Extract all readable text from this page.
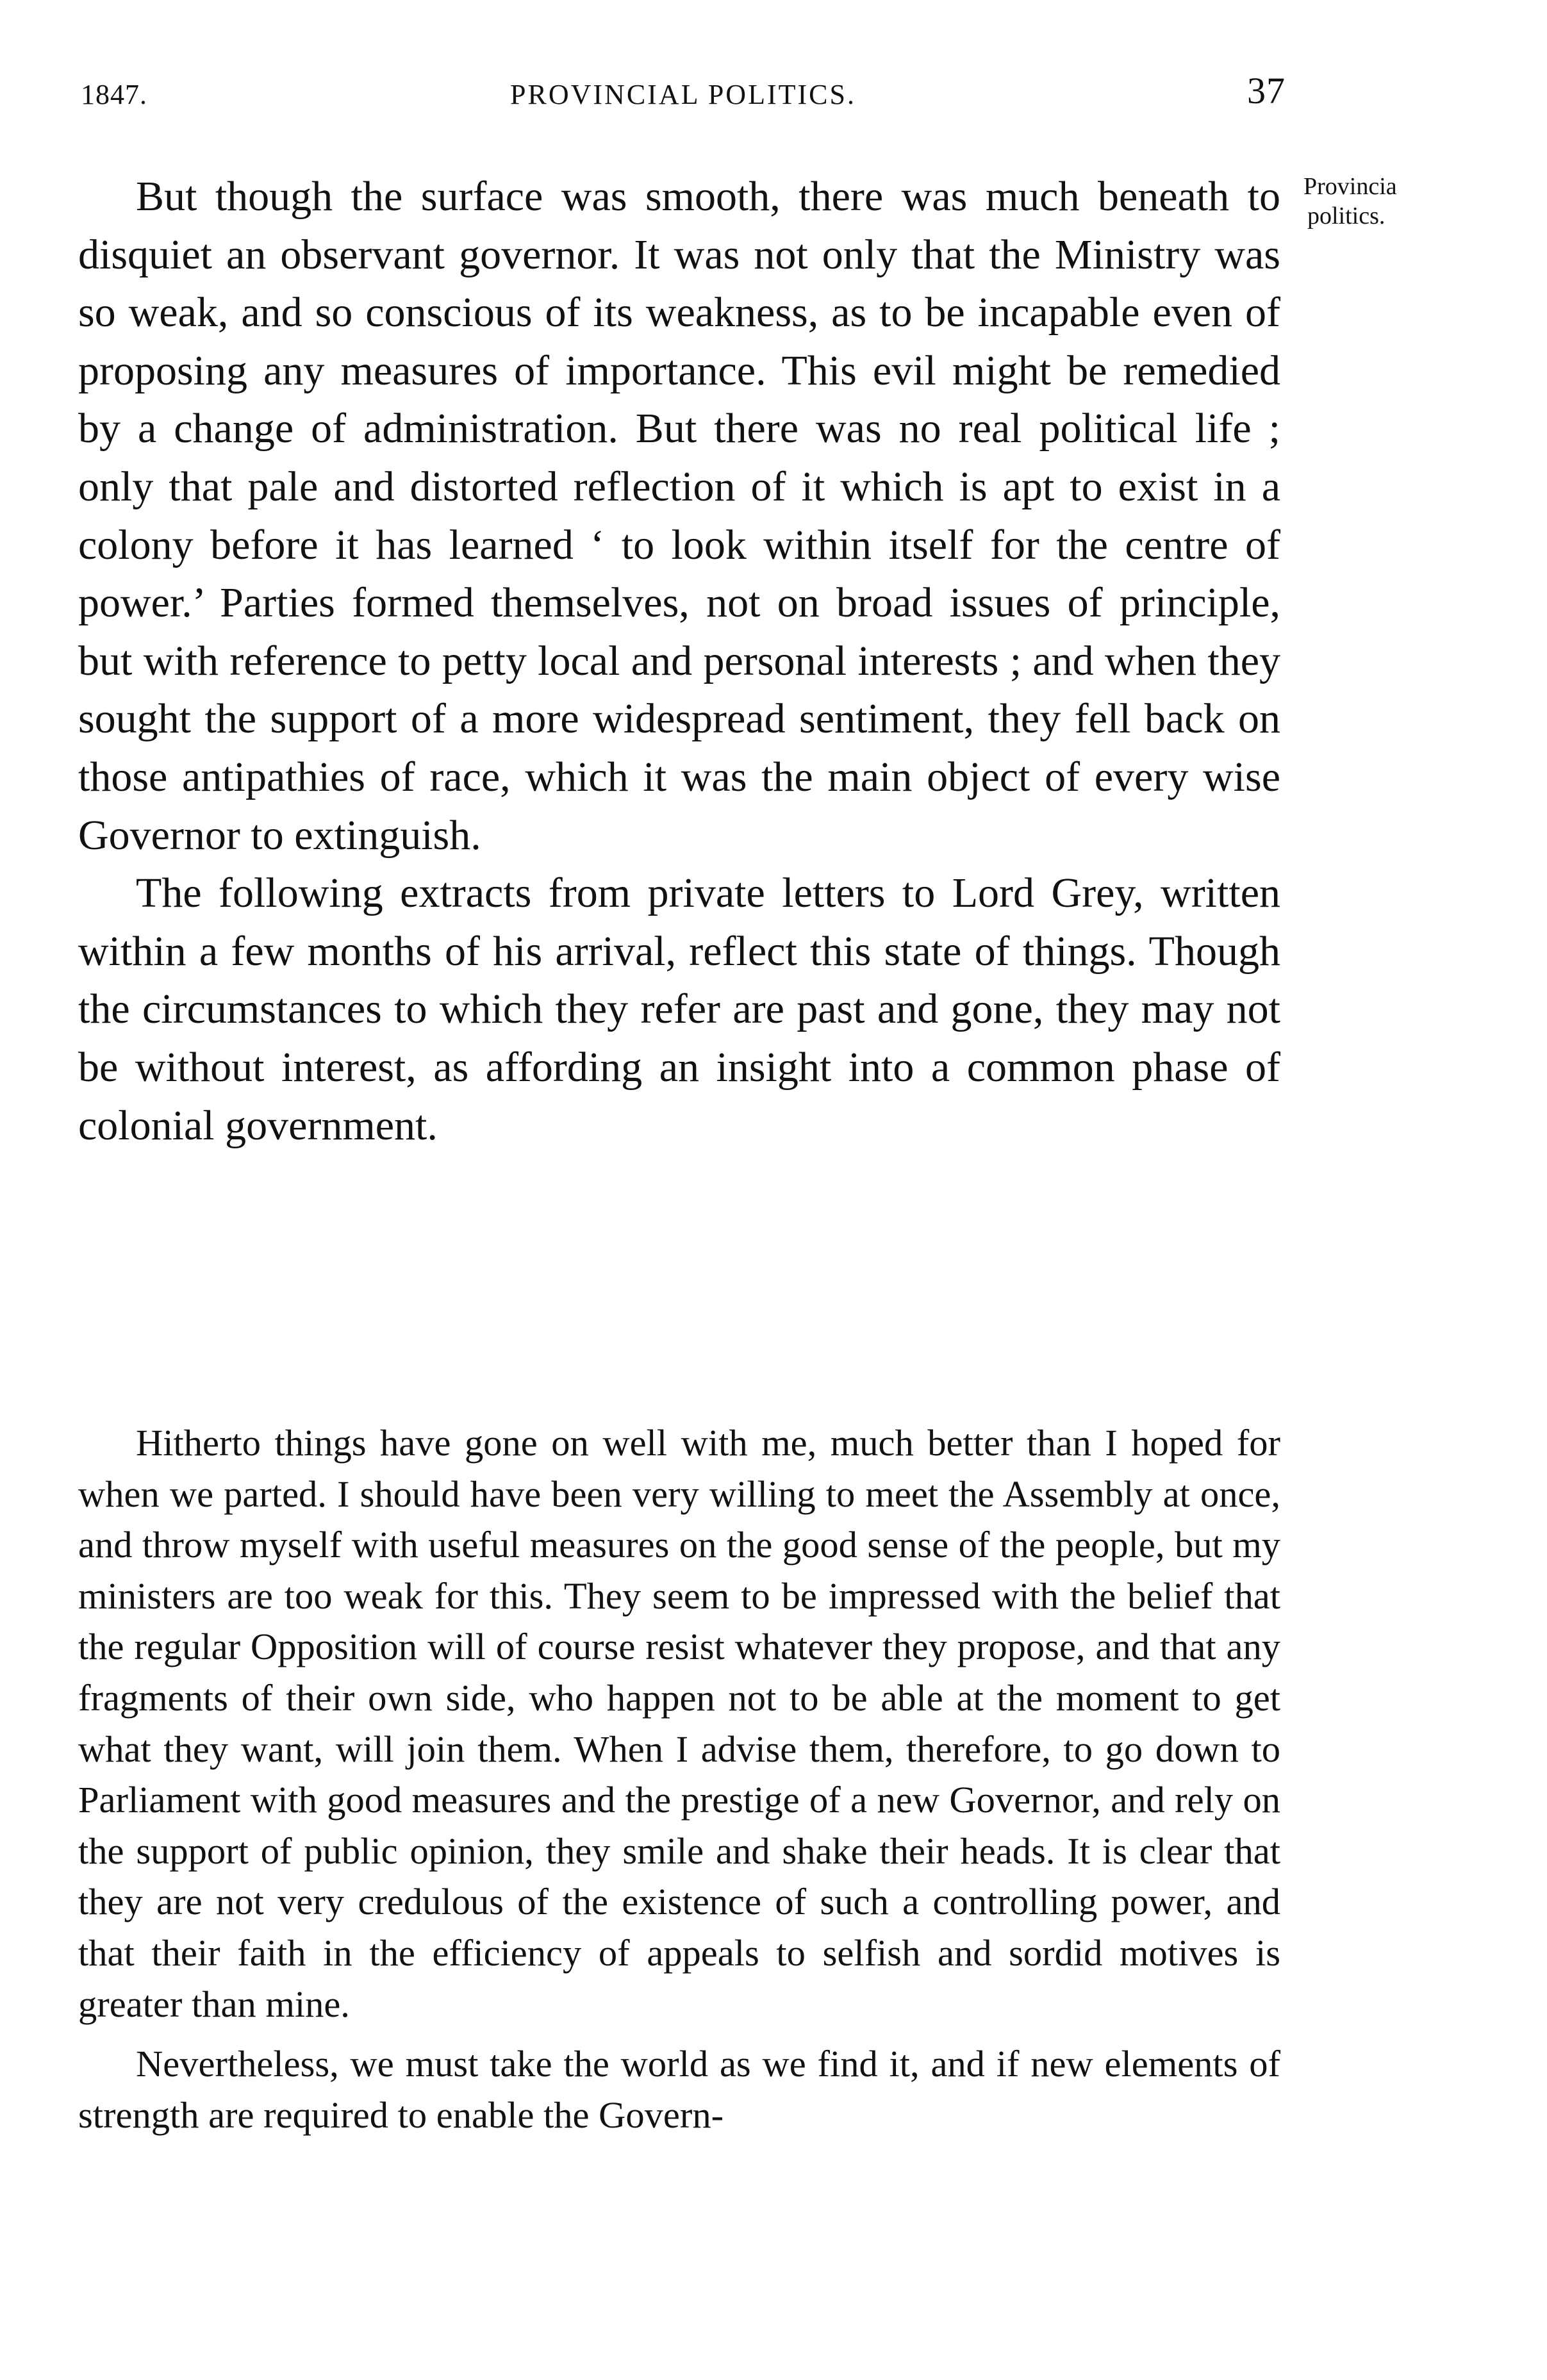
1847.	PROVINCIAL POLITICS.	37
Provincia
politics.

But though the surface was smooth, there was much beneath to disquiet an observant governor. It was not only that the Ministry was so weak, and so conscious of its weakness, as to be incapable even of proposing any measures of importance. This evil might be remedied by a change of administration. But there was no real political life ; only that pale and distorted reflection of it which is apt to exist in a colony before it has learned ‘ to look within itself for the centre of power.’ Parties formed themselves, not on broad issues of principle, but with reference to petty local and personal interests ; and when they sought the support of a more widespread sentiment, they fell back on those antipathies of race, which it was the main object of every wise Governor to extinguish.

The following extracts from private letters to Lord Grey, written within a few months of his arrival, reflect this state of things. Though the circumstances to which they refer are past and gone, they may not be without interest, as affording an insight into a common phase of colonial government.

Hitherto things have gone on well with me, much better than I hoped for when we parted. I should have been very willing to meet the Assembly at once, and throw myself with useful measures on the good sense of the people, but my ministers are too weak for this. They seem to be impressed with the belief that the regular Opposition will of course resist whatever they propose, and that any fragments of their own side, who happen not to be able at the moment to get what they want, will join them. When I advise them, therefore, to go down to Parliament with good measures and the prestige of a new Governor, and rely on the support of public opinion, they smile and shake their heads. It is clear that they are not very credulous of the existence of such a controlling power, and that their faith in the efficiency of appeals to selfish and sordid motives is greater than mine.

Nevertheless, we must take the world as we find it, and if new elements of strength are required to enable the Govern-
